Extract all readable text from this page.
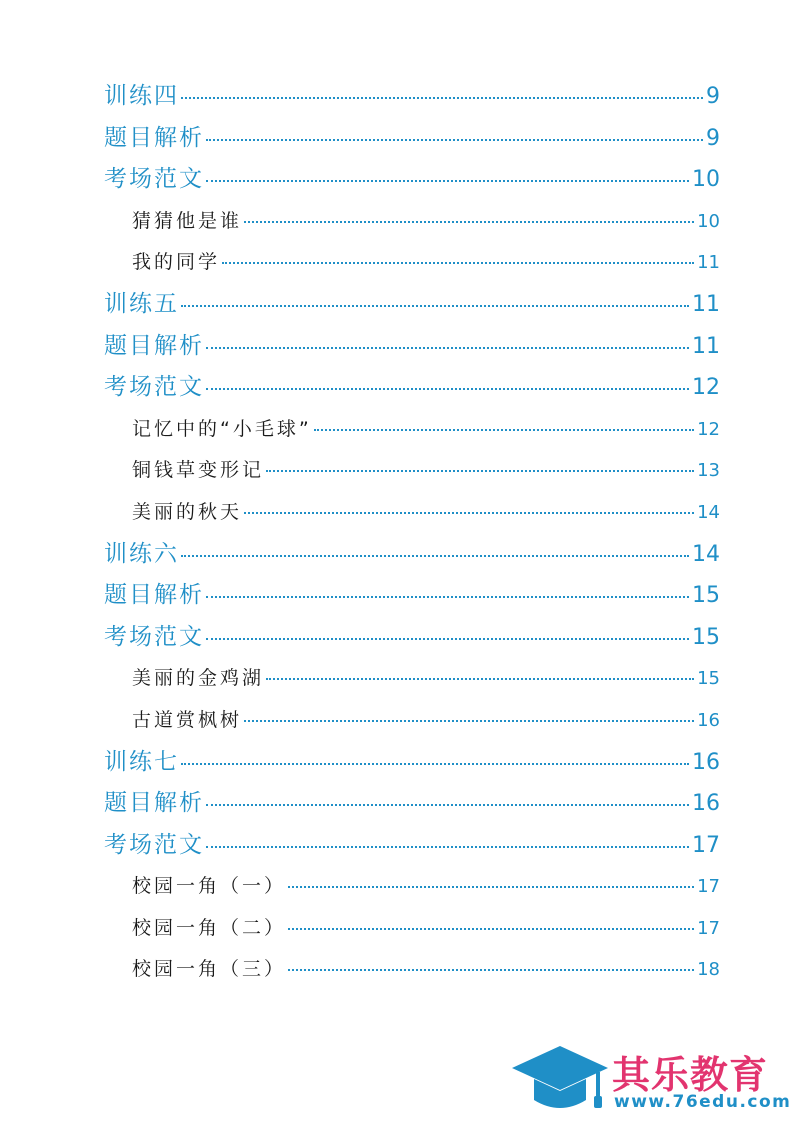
训练四	9
题目解析	9
考场范文	10
猜猜他是谁	10
我的同学	11
训练五	11
题目解析	11
考场范文	12
记忆中的“小毛球”	12
铜钱草变形记	13
美丽的秋天	14
训练六	14
题目解析	15
考场范文	15
美丽的金鸡湖	15
古道赏枫树	16
训练七	16
题目解析	16
考场范文	17
校园一角（一）	17
校园一角（二）	17
校园一角（三）	18
其乐教育
www.76edu.com
